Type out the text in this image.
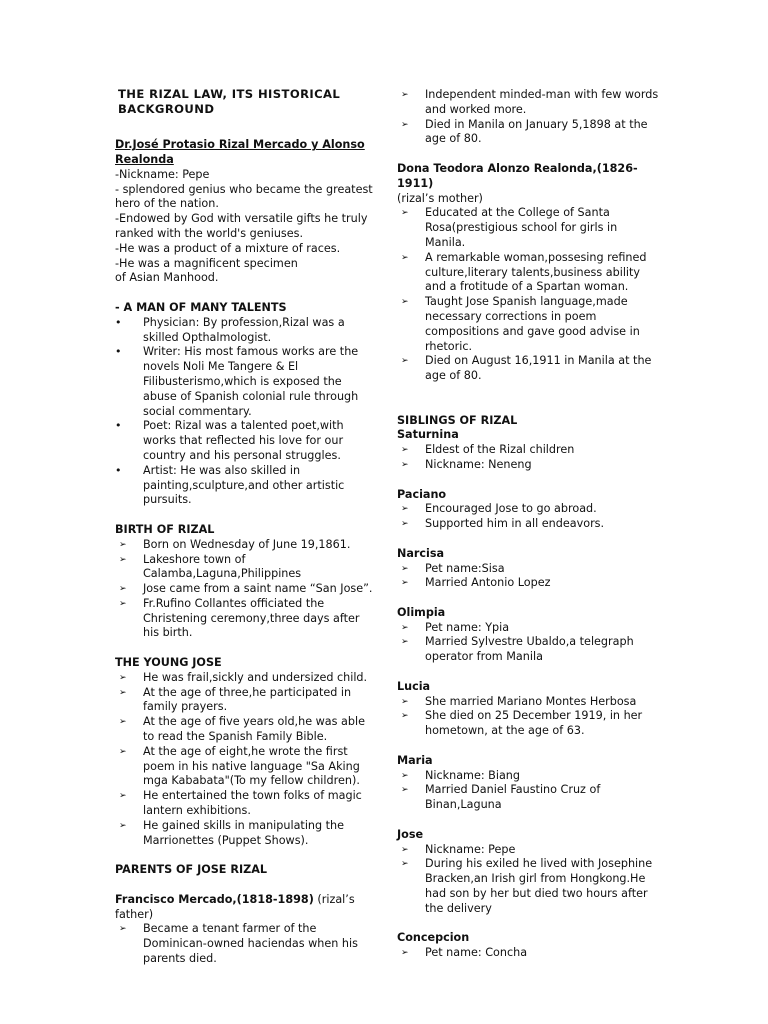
THE RIZAL LAW, ITS HISTORICAL
BACKGROUND
Dr.José Protasio Rizal Mercado y Alonso
Realonda
-Nickname: Pepe
- splendored genius who became the greatest
hero of the nation.
-Endowed by God with versatile gifts he truly
ranked with the world's geniuses.
-He was a product of a mixture of races.
-He was a magnificent specimen
of Asian Manhood.
- A MAN OF MANY TALENTS
• Physician: By profession,Rizal was a skilled Opthalmologist.
• Writer: His most famous works are the novels Noli Me Tangere & El Filibusterismo,which is exposed the abuse of Spanish colonial rule through social commentary.
• Poet: Rizal was a talented poet,with works that reflected his love for our country and his personal struggles.
• Artist: He was also skilled in painting,sculpture,and other artistic pursuits.
BIRTH OF RIZAL
➢ Born on Wednesday of June 19,1861.
➢ Lakeshore town of Calamba,Laguna,Philippines
➢ Jose came from a saint name “San Jose”.
➢ Fr.Rufino Collantes officiated the Christening ceremony,three days after his birth.
THE YOUNG JOSE
➢ He was frail,sickly and undersized child.
➢ At the age of three,he participated in family prayers.
➢ At the age of five years old,he was able to read the Spanish Family Bible.
➢ At the age of eight,he wrote the first poem in his native language "Sa Aking mga Kababata"(To my fellow children).
➢ He entertained the town folks of magic lantern exhibitions.
➢ He gained skills in manipulating the Marrionettes (Puppet Shows).
PARENTS OF JOSE RIZAL
Francisco Mercado,(1818-1898) (rizal’s father)
➢ Became a tenant farmer of the Dominican-owned haciendas when his parents died.
➢ Independent minded-man with few words and worked more.
➢ Died in Manila on January 5,1898 at the age of 80.
Dona Teodora Alonzo Realonda,(1826-1911)
(rizal’s mother)
➢ Educated at the College of Santa Rosa(prestigious school for girls in Manila.
➢ A remarkable woman,possesing refined culture,literary talents,business ability and a frotitude of a Spartan woman.
➢ Taught Jose Spanish language,made necessary corrections in poem compositions and gave good advise in rhetoric.
➢ Died on August 16,1911 in Manila at the age of 80.
SIBLINGS OF RIZAL
Saturnina
➢ Eldest of the Rizal children
➢ Nickname: Neneng
Paciano
➢ Encouraged Jose to go abroad.
➢ Supported him in all endeavors.
Narcisa
➢ Pet name:Sisa
➢ Married Antonio Lopez
Olimpia
➢ Pet name: Ypia
➢ Married Sylvestre Ubaldo,a telegraph operator from Manila
Lucia
➢ She married Mariano Montes Herbosa
➢ She died on 25 December 1919, in her hometown, at the age of 63.
Maria
➢ Nickname: Biang
➢ Married Daniel Faustino Cruz of Binan,Laguna
Jose
➢ Nickname: Pepe
➢ During his exiled he lived with Josephine Bracken,an Irish girl from Hongkong.He had son by her but died two hours after the delivery
Concepcion
➢ Pet name: Concha
